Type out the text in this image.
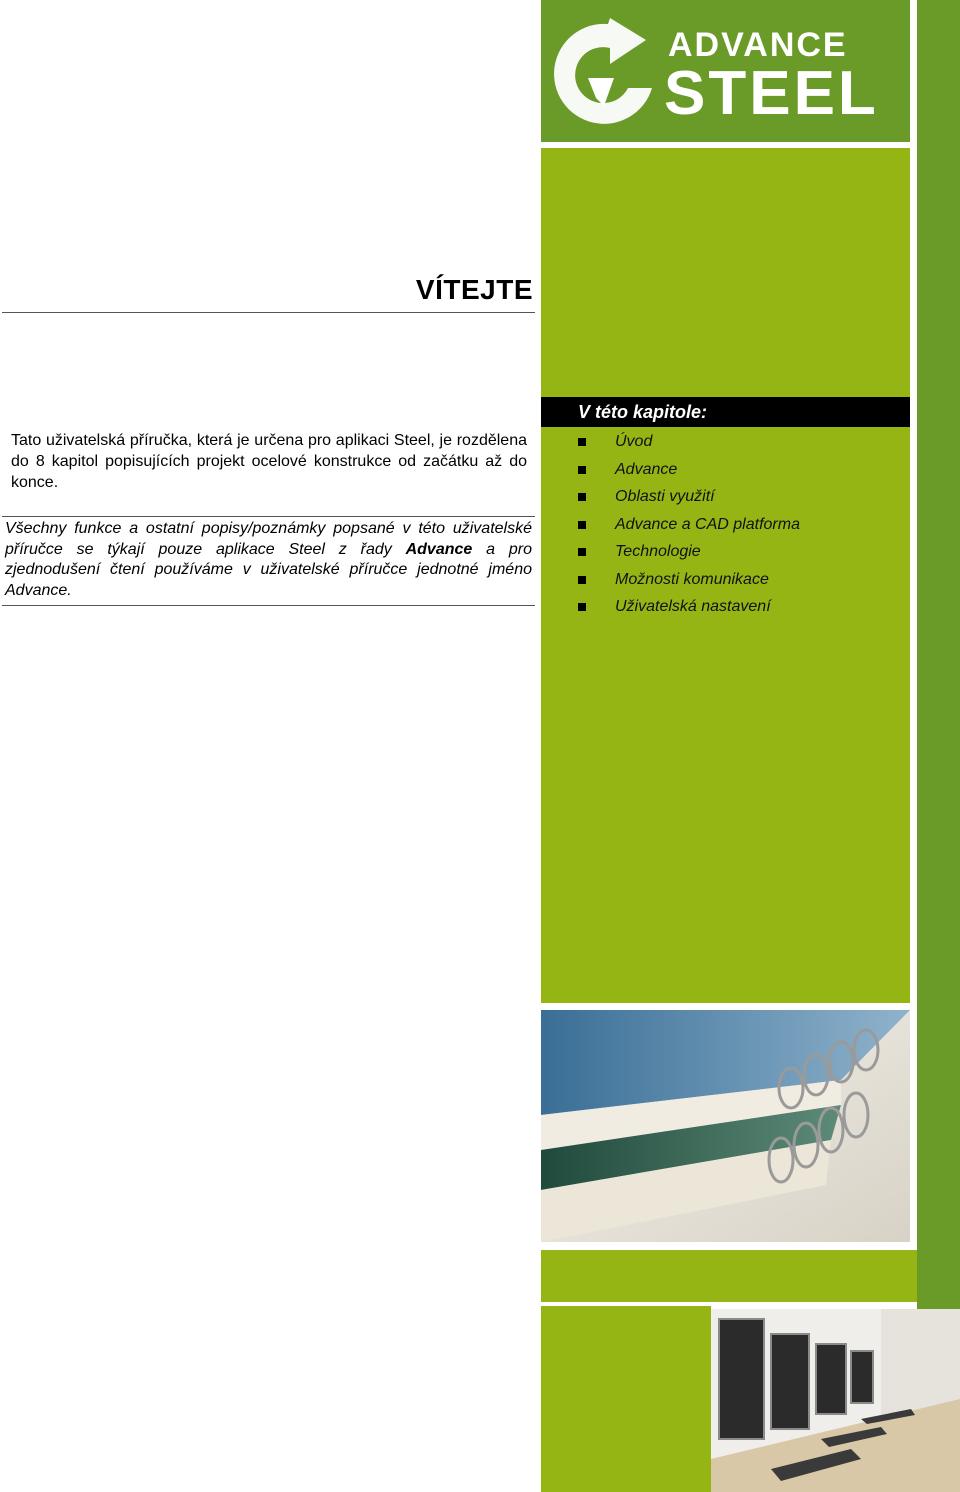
ADVANCE
STEEL
VÍTEJTE
Tato uživatelská příručka, která je určena pro aplikaci Steel, je rozdělena do 8 kapitol popisujících projekt ocelové konstrukce od začátku až do konce.
Všechny funkce a ostatní popisy/poznámky popsané v této uživatelské příručce se týkají pouze aplikace Steel z řady Advance a pro zjednodušení čtení používáme v uživatelské příručce jednotné jméno Advance.
V této kapitole:
Úvod
Advance
Oblasti využití
Advance a CAD platforma
Technologie
Možnosti komunikace
Uživatelská nastavení
